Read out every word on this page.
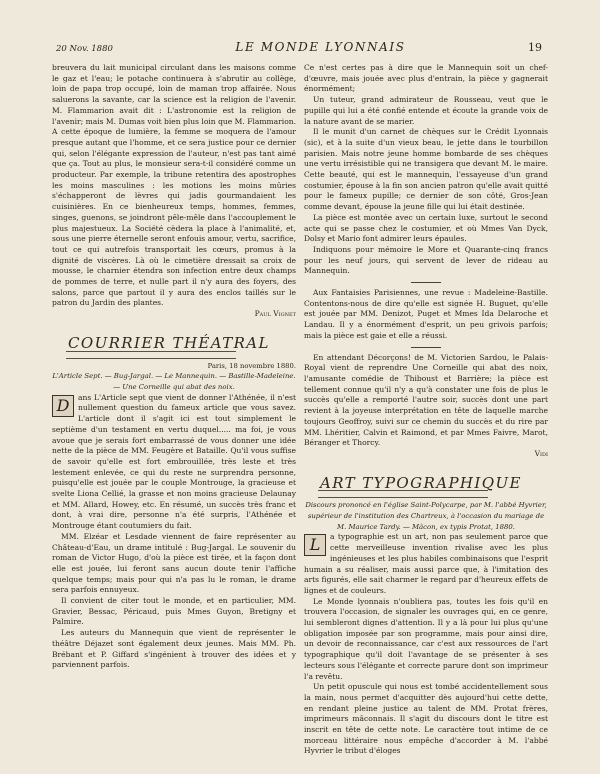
20 Nov. 1880	LE MONDE LYONNAIS	19

breuvera du lait municipal circulant dans les maisons comme le gaz et l'eau; le potache continuera à s'abrutir au collège, loin de papa trop occupé, loin de maman trop affairée. Nous saluerons la savante, car la science est la religion de l'avenir. M. Flammarion avait dit : L'astronomie est la religion de l'avenir; mais M. Dumas voit bien plus loin que M. Flammarion. A cette époque de lumière, la femme se moquera de l'amour presque autant que l'homme, et ce sera justice pour ce dernier qui, selon l'élégante expression de l'auteur, n'est pas tant aimé que ça. Tout au plus, le monsieur sera-t-il considéré comme un producteur. Par exemple, la tribune retentira des apostrophes les moins masculines : les motions les moins mûries s'échapperont de lèvres qui jadis gourmandaient les cuisinières. En ce bienheureux temps, hommes, femmes, singes, guenons, se joindront pêle-mêle dans l'accouplement le plus majestueux. La Société cèdera la place à l'animalité, et, sous une pierre éternelle seront enfouis amour, vertu, sacrifice, tout ce qui autrefois transportait les cœurs, promus à la dignité de viscères. Là où le cimetière dressait sa croix de mousse, le charnier étendra son infection entre deux champs de pommes de terre, et nulle part il n'y aura des foyers, des salons, parce que partout il y aura des enclos taillés sur le patron du Jardin des plantes.

Paul Vignet

COURRIER THÉATRAL

Paris, 18 novembre 1880.

L'Article Sept. — Bug-Jargal. — Le Mannequin. — Bastille-Madeleine. — Une Corneille qui abat des noix.

D	ans L'Article sept que vient de donner l'Athénée, il n'est nullement question du fameux article que vous savez. L'article dont il s'agit ici est tout simplement le septième d'un testament en vertu duquel..... ma foi, je vous avoue que je serais fort embarrassé de vous donner une idée nette de la pièce de MM. Feugère et Bataille. Qu'il vous suffise de savoir qu'elle est fort embrouillée, très leste et très lestement enlevée, ce qui du reste ne surprendra personne, puisqu'elle est jouée par le couple Montrouge, la gracieuse et svelte Liona Cellié, la grasse et non moins gracieuse Delaunay et MM. Allard, Howey, etc. En résumé, un succès très franc et dont, à vrai dire, personne n'a été surpris, l'Athénée et Montrouge étant coutumiers du fait.

MM. Elzéar et Lesdade viennent de faire représenter au Château-d'Eau, un drame intitulé : Bug-Jargal. Le souvenir du roman de Victor Hugo, d'où la pièce est tirée, et la façon dont elle est jouée, lui feront sans aucun doute tenir l'affiche quelque temps; mais pour qui n'a pas lu le roman, le drame sera parfois ennuyeux.

Il convient de citer tout le monde, et en particulier, MM. Gravier, Bessac, Péricaud, puis Mmes Guyon, Bretigny et Palmire.

Les auteurs du Mannequin que vient de représenter le théâtre Déjazet sont également deux jeunes. Mais MM. Ph. Brébant et P. Giffard s'ingénient à trouver des idées et y parviennent parfois.

Ce n'est certes pas à dire que le Mannequin soit un chef-d'œuvre, mais jouée avec plus d'entrain, la pièce y gagnerait énormément;

Un tuteur, grand admirateur de Rousseau, veut que le pupille qui lui a été confié entende et écoute la grande voix de la nature avant de se marier.

Il le munit d'un carnet de chèques sur le Crédit Lyonnais (sic), et à la suite d'un vieux beau, le jette dans le tourbillon parisien. Mais notre jeune homme bombarde de ses chèques une vertu irrésistible qui ne transigera que devant M. le maire. Cette beauté, qui est le mannequin, l'essayeuse d'un grand costumier, épouse à la fin son ancien patron qu'elle avait quitté pour le fameux pupille; ce dernier de son côté, Gros-Jean comme devant, épouse la jeune fille qui lui était destinée.

La pièce est montée avec un certain luxe, surtout le second acte qui se passe chez le costumier, et où Mmes Van Dyck, Dolsy et Mario font admirer leurs épaules.

Indiquons pour mémoire le More et Quarante-cinq francs pour les neuf jours, qui servent de lever de rideau au Mannequin.

Aux Fantaisies Parisiennes, une revue : Madeleine-Bastille. Contentons-nous de dire qu'elle est signée H. Buguet, qu'elle est jouée par MM. Denizot, Puget et Mmes Ida Delaroche et Landau. Il y a énormément d'esprit, un peu grivois parfois; mais la pièce est gaie et elle a réussi.

En attendant Décorçons! de M. Victorien Sardou, le Palais-Royal vient de reprendre Une Corneille qui abat des noix, l'amusante comédie de Thiboust et Barrière; la pièce est tellement connue qu'il n'y a qu'à constater une fois de plus le succès qu'elle a remporté l'autre soir, succès dont une part revient à la joyeuse interprétation en tête de laquelle marche toujours Geoffroy, suivi sur ce chemin du succès et du rire par MM. Lhéritier, Calvin et Raimond, et par Mmes Faivre, Marot, Béranger et Thorcy.

Vidi

ART TYPOGRAPHIQUE

Discours prononcé en l'église Saint-Polycarpe, par M. l'abbé Hyvrier, supérieur de l'institution des Chartreux, à l'occasion du mariage de M. Maurice Tardy. — Mâcon, ex typis Protat, 1880.

L	a typographie est un art, non pas seulement parce que cette merveilleuse invention rivalise avec les plus ingénieuses et les plus habiles combinaisons que l'esprit humain a su réaliser, mais aussi parce que, à l'imitation des arts figurés, elle sait charmer le regard par d'heureux effets de lignes et de couleurs.

Le Monde lyonnais n'oubliera pas, toutes les fois qu'il en trouvera l'occasion, de signaler les ouvrages qui, en ce genre, lui sembleront dignes d'attention. Il y a là pour lui plus qu'une obligation imposée par son programme, mais pour ainsi dire, un devoir de reconnaissance, car c'est aux ressources de l'art typographique qu'il doit l'avantage de se présenter à ses lecteurs sous l'élégante et correcte parure dont son imprimeur l'a revêtu.

Un petit opuscule qui nous est tombé accidentellement sous la main, nous permet d'acquitter dès aujourd'hui cette dette, en rendant pleine justice au talent de MM. Protat frères, imprimeurs mâconnais. Il s'agit du discours dont le titre est inscrit en tête de cette note. Le caractère tout intime de ce morceau littéraire nous empêche d'accorder à M. l'abbé Hyvrier le tribut d'éloges
